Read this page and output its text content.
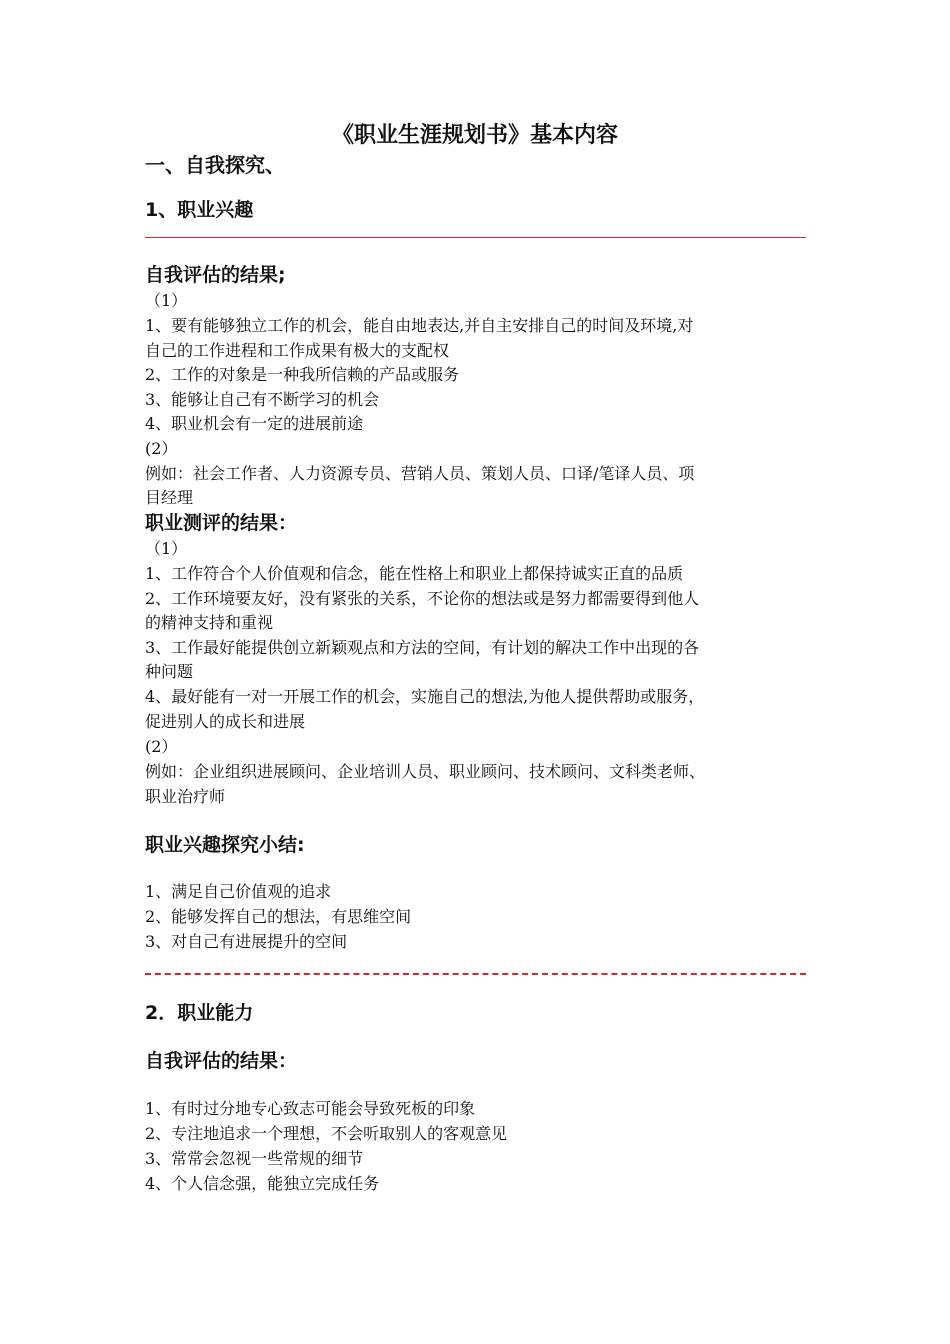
《职业生涯规划书》基本内容
一、自我探究、
1、职业兴趣
自我评估的结果;
（1）
1、要有能够独立工作的机会，能自由地表达,并自主安排自己的时间及环境,对
自己的工作进程和工作成果有极大的支配权
2、工作的对象是一种我所信赖的产品或服务
3、能够让自己有不断学习的机会
4、职业机会有一定的进展前途
(2）
例如：社会工作者、人力资源专员、营销人员、策划人员、口译/笔译人员、项
目经理
职业测评的结果：
（1）
1、工作符合个人价值观和信念，能在性格上和职业上都保持诚实正直的品质
2、工作环境要友好，没有紧张的关系，不论你的想法或是努力都需要得到他人
的精神支持和重视
3、工作最好能提供创立新颖观点和方法的空间，有计划的解决工作中出现的各
种问题
4、最好能有一对一开展工作的机会，实施自己的想法,为他人提供帮助或服务，
促进别人的成长和进展
(2）
例如：企业组织进展顾问、企业培训人员、职业顾问、技术顾问、文科类老师、
职业治疗师
职业兴趣探究小结:
1、满足自己价值观的追求
2、能够发挥自己的想法，有思维空间
3、对自己有进展提升的空间
2．职业能力
自我评估的结果：
1、有时过分地专心致志可能会导致死板的印象
2、专注地追求一个理想，不会听取别人的客观意见
3、常常会忽视一些常规的细节
4、个人信念强，能独立完成任务
